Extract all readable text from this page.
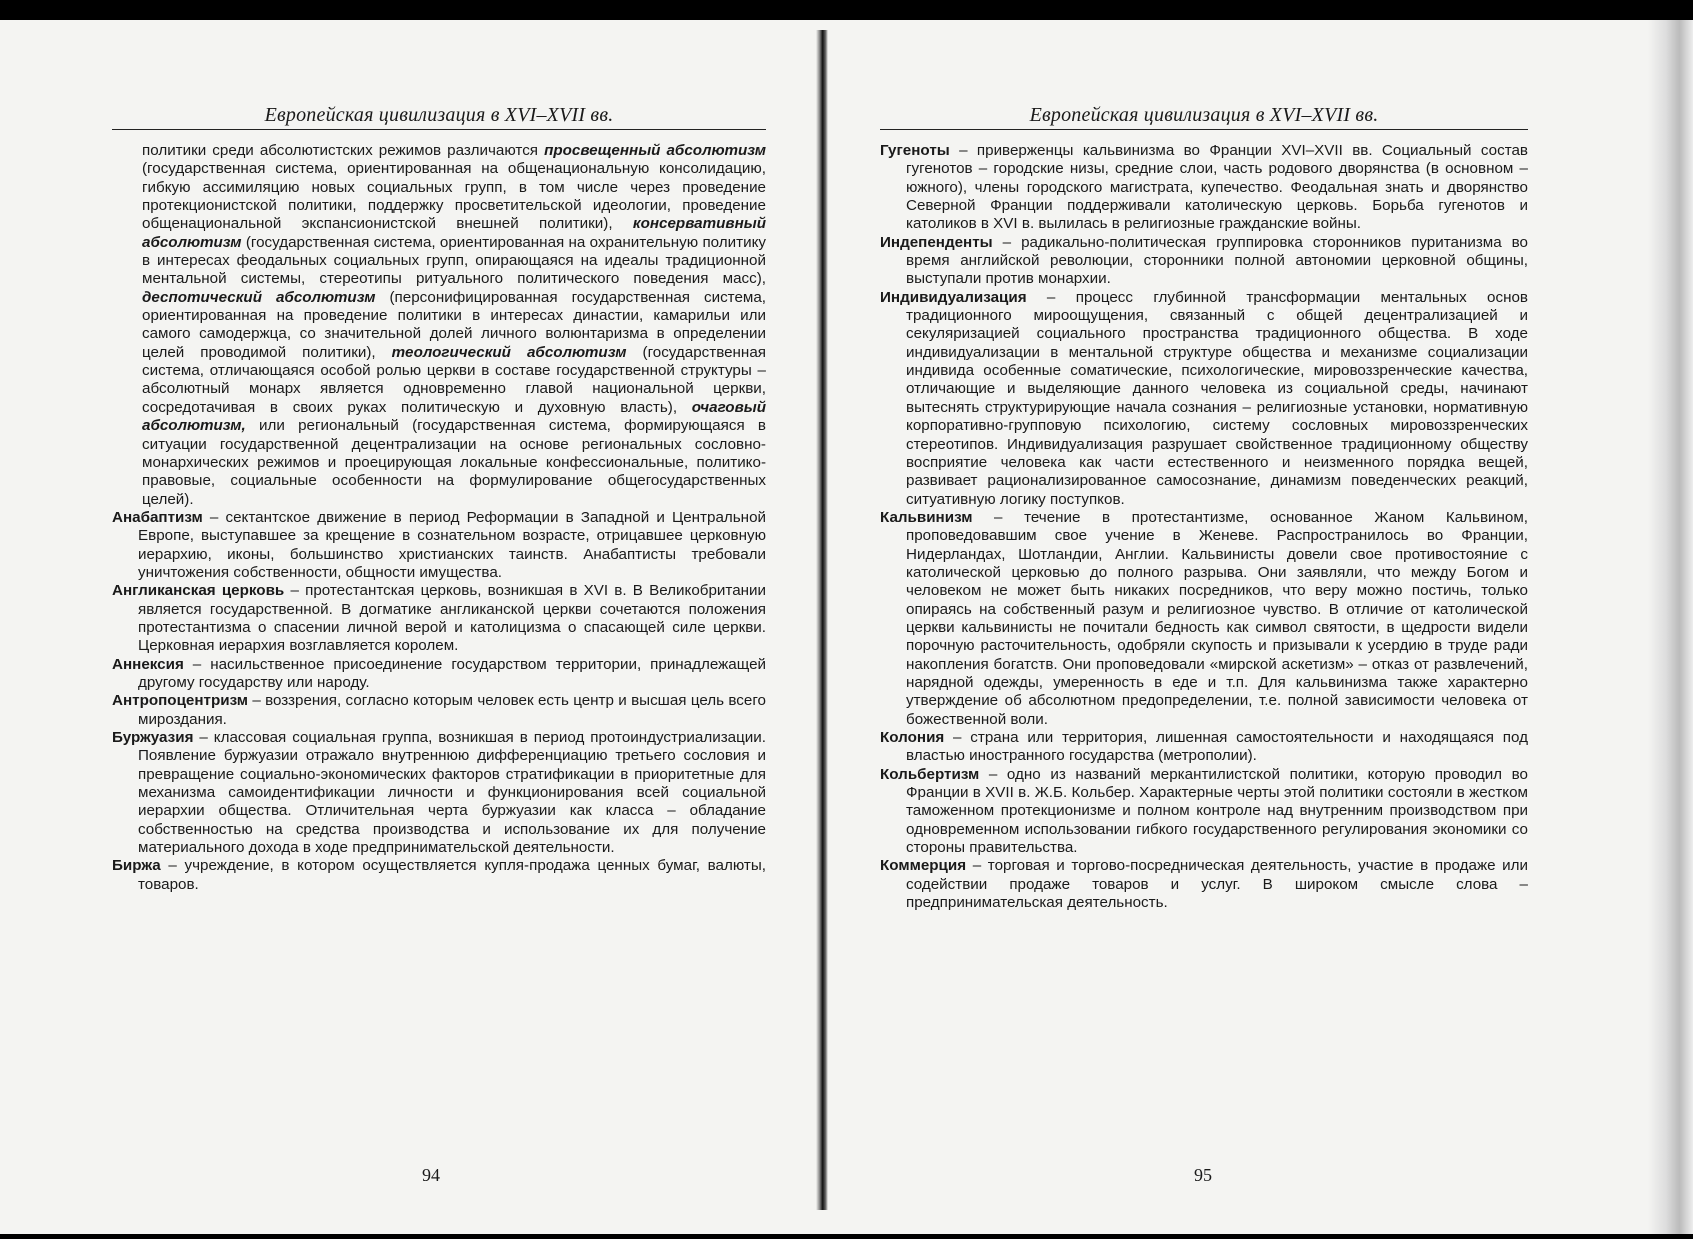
Европейская цивилизация в XVI–XVII вв.

политики среди абсолютистских режимов различаются просвещенный абсолютизм (государственная система, ориентированная на общенациональную консолидацию, гибкую ассимиляцию новых социальных групп, в том числе через проведение протекционистской политики, поддержку просветительской идеологии, проведение общенациональной экспансионистской внешней политики), консервативный абсолютизм (государственная система, ориентированная на охранительную политику в интересах феодальных социальных групп, опирающаяся на идеалы традиционной ментальной системы, стереотипы ритуального политического поведения масс), деспотический абсолютизм (персонифицированная государственная система, ориентированная на проведение политики в интересах династии, камарильи или самого самодержца, со значительной долей личного волюнтаризма в определении целей проводимой политики), теологический абсолютизм (государственная система, отличающаяся особой ролью церкви в составе государственной структуры – абсолютный монарх является одновременно главой национальной церкви, сосредотачивая в своих руках политическую и духовную власть), очаговый абсолютизм, или региональный (государственная система, формирующаяся в ситуации государственной децентрализации на основе региональных сословно-монархических режимов и проецирующая локальные конфессиональные, политико-правовые, социальные особенности на формулирование общегосударственных целей).

Анабаптизм – сектантское движение в период Реформации в Западной и Центральной Европе, выступавшее за крещение в сознательном возрасте, отрицавшее церковную иерархию, иконы, большинство христианских таинств. Анабаптисты требовали уничтожения собственности, общности имущества.

Англиканская церковь – протестантская церковь, возникшая в XVI в. В Великобритании является государственной. В догматике англиканской церкви сочетаются положения протестантизма о спасении личной верой и католицизма о спасающей силе церкви. Церковная иерархия возглавляется королем.

Аннексия – насильственное присоединение государством территории, принадлежащей другому государству или народу.

Антропоцентризм – воззрения, согласно которым человек есть центр и высшая цель всего мироздания.

Буржуазия – классовая социальная группа, возникшая в период протоиндустриализации. Появление буржуазии отражало внутреннюю дифференциацию третьего сословия и превращение социально-экономических факторов стратификации в приоритетные для механизма самоидентификации личности и функционирования всей социальной иерархии общества. Отличительная черта буржуазии как класса – обладание собственностью на средства производства и использование их для получение материального дохода в ходе предпринимательской деятельности.

Биржа – учреждение, в котором осуществляется купля-продажа ценных бумаг, валюты, товаров.

94
Европейская цивилизация в XVI–XVII вв.

Гугеноты – приверженцы кальвинизма во Франции XVI–XVII вв. Социальный состав гугенотов – городские низы, средние слои, часть родового дворянства (в основном – южного), члены городского магистрата, купечество. Феодальная знать и дворянство Северной Франции поддерживали католическую церковь. Борьба гугенотов и католиков в XVI в. вылилась в религиозные гражданские войны.

Индепенденты – радикально-политическая группировка сторонников пуританизма во время английской революции, сторонники полной автономии церковной общины, выступали против монархии.

Индивидуализация – процесс глубинной трансформации ментальных основ традиционного мироощущения, связанный с общей децентрализацией и секуляризацией социального пространства традиционного общества. В ходе индивидуализации в ментальной структуре общества и механизме социализации индивида особенные соматические, психологические, мировоззренческие качества, отличающие и выделяющие данного человека из социальной среды, начинают вытеснять структурирующие начала сознания – религиозные установки, нормативную корпоративно-групповую психологию, систему сословных мировоззренческих стереотипов. Индивидуализация разрушает свойственное традиционному обществу восприятие человека как части естественного и неизменного порядка вещей, развивает рационализированное самосознание, динамизм поведенческих реакций, ситуативную логику поступков.

Кальвинизм – течение в протестантизме, основанное Жаном Кальвином, проповедовавшим свое учение в Женеве. Распространилось во Франции, Нидерландах, Шотландии, Англии. Кальвинисты довели свое противостояние с католической церковью до полного разрыва. Они заявляли, что между Богом и человеком не может быть никаких посредников, что веру можно постичь, только опираясь на собственный разум и религиозное чувство. В отличие от католической церкви кальвинисты не почитали бедность как символ святости, в щедрости видели порочную расточительность, одобряли скупость и призывали к усердию в труде ради накопления богатств. Они проповедовали «мирской аскетизм» – отказ от развлечений, нарядной одежды, умеренность в еде и т.п. Для кальвинизма также характерно утверждение об абсолютном предопределении, т.е. полной зависимости человека от божественной воли.

Колония – страна или территория, лишенная самостоятельности и находящаяся под властью иностранного государства (метрополии).

Кольбертизм – одно из названий меркантилистской политики, которую проводил во Франции в XVII в. Ж.Б. Кольбер. Характерные черты этой политики состояли в жестком таможенном протекционизме и полном контроле над внутренним производством при одновременном использовании гибкого государственного регулирования экономики со стороны правительства.

Коммерция – торговая и торгово-посредническая деятельность, участие в продаже или содействии продаже товаров и услуг. В широком смысле слова – предпринимательская деятельность.

95
